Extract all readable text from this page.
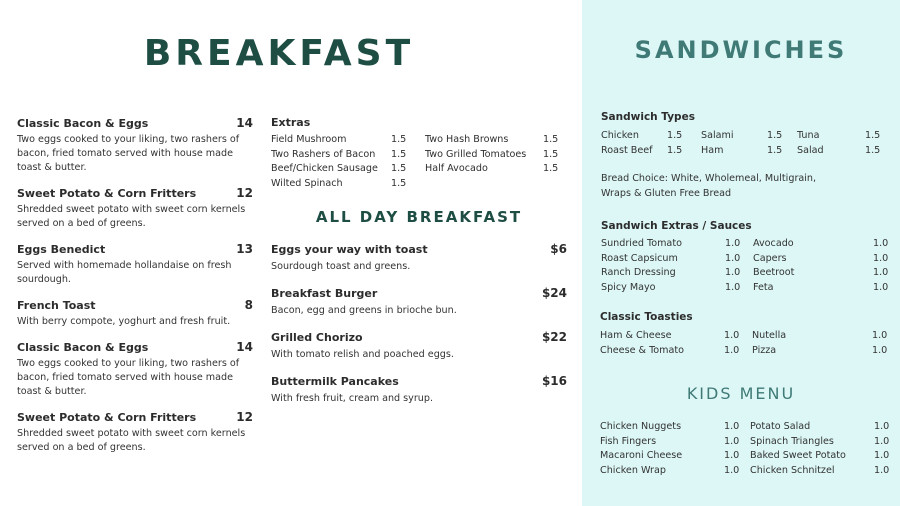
BREAKFAST
Classic Bacon & Eggs	14
Two eggs cooked to your liking, two rashers of bacon, fried tomato served with house made toast & butter.
Sweet Potato & Corn Fritters	12
Shredded sweet potato with sweet corn kernels served on a bed of greens.
Eggs Benedict	13
Served with homemade hollandaise on fresh sourdough.
French Toast	8
With berry compote, yoghurt and fresh fruit.
Classic Bacon & Eggs	14
Two eggs cooked to your liking, two rashers of bacon, fried tomato served with house made toast & butter.
Sweet Potato & Corn Fritters	12
Shredded sweet potato with sweet corn kernels served on a bed of greens.
Extras
Field Mushroom	1.5	Two Hash Browns	1.5
Two Rashers of Bacon	1.5	Two Grilled Tomatoes	1.5
Beef/Chicken Sausage	1.5	Half Avocado	1.5
Wilted Spinach	1.5
ALL DAY BREAKFAST
Eggs your way with toast	$6
Sourdough toast and greens.
Breakfast Burger	$24
Bacon, egg and greens in brioche bun.
Grilled Chorizo	$22
With tomato relish and poached eggs.
Buttermilk Pancakes	$16
With fresh fruit, cream and syrup.
SANDWICHES
Sandwich Types
Chicken	1.5	Salami	1.5	Tuna	1.5
Roast Beef	1.5	Ham	1.5	Salad	1.5
Bread Choice: White, Wholemeal, Multigrain, Wraps & Gluten Free Bread
Sandwich Extras / Sauces
Sundried Tomato	1.0	Avocado	1.0
Roast Capsicum	1.0	Capers	1.0
Ranch Dressing	1.0	Beetroot	1.0
Spicy Mayo	1.0	Feta	1.0
Classic Toasties
Ham & Cheese	1.0	Nutella	1.0
Cheese & Tomato	1.0	Pizza	1.0
KIDS MENU
Chicken Nuggets	1.0	Potato Salad	1.0
Fish Fingers	1.0	Spinach Triangles	1.0
Macaroni Cheese	1.0	Baked Sweet Potato	1.0
Chicken Wrap	1.0	Chicken Schnitzel	1.0
